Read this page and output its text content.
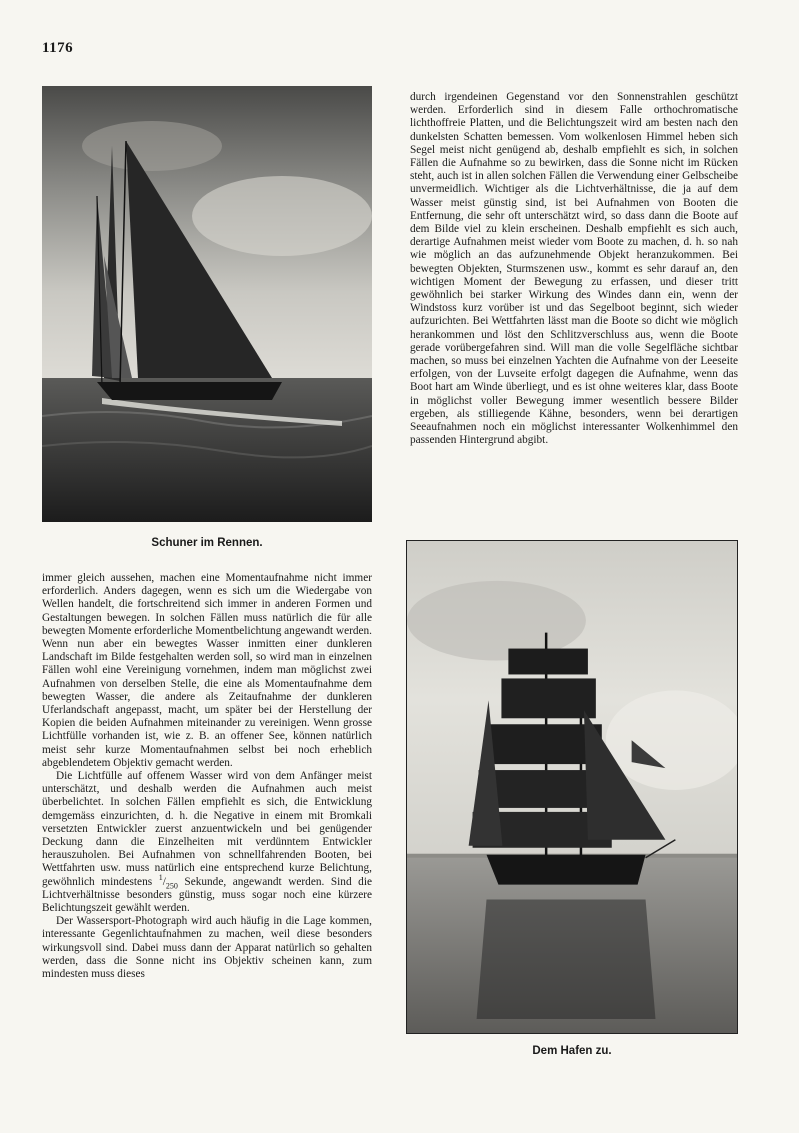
1176
Schuner im Rennen.
Dem Hafen zu.

durch irgendeinen Gegenstand vor den Sonnenstrahlen geschützt werden. Erforderlich sind in diesem Falle orthochromatische lichthoffreie Platten, und die Belichtungszeit wird am besten nach den dunkelsten Schatten bemessen. Vom wolkenlosen Himmel heben sich Segel meist nicht genügend ab, deshalb empfiehlt es sich, in solchen Fällen die Aufnahme so zu bewirken, dass die Sonne nicht im Rücken steht, auch ist in allen solchen Fällen die Verwendung einer Gelbscheibe unvermeidlich. Wichtiger als die Lichtverhältnisse, die ja auf dem Wasser meist günstig sind, ist bei Aufnahmen von Booten die Entfernung, die sehr oft unterschätzt wird, so dass dann die Boote auf dem Bilde viel zu klein erscheinen. Deshalb empfiehlt es sich auch, derartige Aufnahmen meist wieder vom Boote zu machen, d. h. so nah wie möglich an das aufzunehmende Objekt heranzukommen. Bei bewegten Objekten, Sturmszenen usw., kommt es sehr darauf an, den wichtigen Moment der Bewegung zu erfassen, und dieser tritt gewöhnlich bei starker Wirkung des Windes dann ein, wenn der Windstoss kurz vorüber ist und das Segelboot beginnt, sich wieder aufzurichten. Bei Wettfahrten lässt man die Boote so dicht wie möglich herankommen und löst den Schlitzverschluss aus, wenn die Boote gerade vorübergefahren sind. Will man die volle Segelfläche sichtbar machen, so muss bei einzelnen Yachten die Aufnahme von der Leeseite erfolgen, von der Luvseite erfolgt dagegen die Aufnahme, wenn das Boot hart am Winde überliegt, und es ist ohne weiteres klar, dass Boote in möglichst voller Bewegung immer wesentlich bessere Bilder ergeben, als stilliegende Kähne, besonders, wenn bei derartigen Seeaufnahmen noch ein möglichst interessanter Wolkenhimmel den passenden Hintergrund abgibt.

immer gleich aussehen, machen eine Momentaufnahme nicht immer erforderlich. Anders dagegen, wenn es sich um die Wiedergabe von Wellen handelt, die fortschreitend sich immer in anderen Formen und Gestaltungen bewegen. In solchen Fällen muss natürlich die für alle bewegten Momente erforderliche Momentbelichtung angewandt werden. Wenn nun aber ein bewegtes Wasser inmitten einer dunkleren Landschaft im Bilde festgehalten werden soll, so wird man in einzelnen Fällen wohl eine Vereinigung vornehmen, indem man möglichst zwei Aufnahmen von derselben Stelle, die eine als Momentaufnahme dem bewegten Wasser, die andere als Zeitaufnahme der dunkleren Uferlandschaft angepasst, macht, um später bei der Herstellung der Kopien die beiden Aufnahmen miteinander zu vereinigen. Wenn grosse Lichtfülle vorhanden ist, wie z. B. an offener See, können natürlich meist sehr kurze Momentaufnahmen selbst bei noch erheblich abgeblendetem Objektiv gemacht werden.

Die Lichtfülle auf offenem Wasser wird von dem Anfänger meist unterschätzt, und deshalb werden die Aufnahmen auch meist überbelichtet. In solchen Fällen empfiehlt es sich, die Entwicklung demgemäss einzurichten, d. h. die Negative in einem mit Bromkali versetzten Entwickler zuerst anzuentwickeln und bei genügender Deckung dann die Einzelheiten mit verdünntem Entwickler herauszuholen. Bei Aufnahmen von schnellfahrenden Booten, bei Wettfahrten usw. muss natürlich eine entsprechend kurze Belichtung, gewöhnlich mindestens $^1/_{250}$ Sekunde, angewandt werden. Sind die Lichtverhältnisse besonders günstig, muss sogar noch eine kürzere Belichtungszeit gewählt werden.

Der Wassersport-Photograph wird auch häufig in die Lage kommen, interessante Gegenlichtaufnahmen zu machen, weil diese besonders wirkungsvoll sind. Dabei muss dann der Apparat natürlich so gehalten werden, dass die Sonne nicht ins Objektiv scheinen kann, zum mindesten muss dieses
